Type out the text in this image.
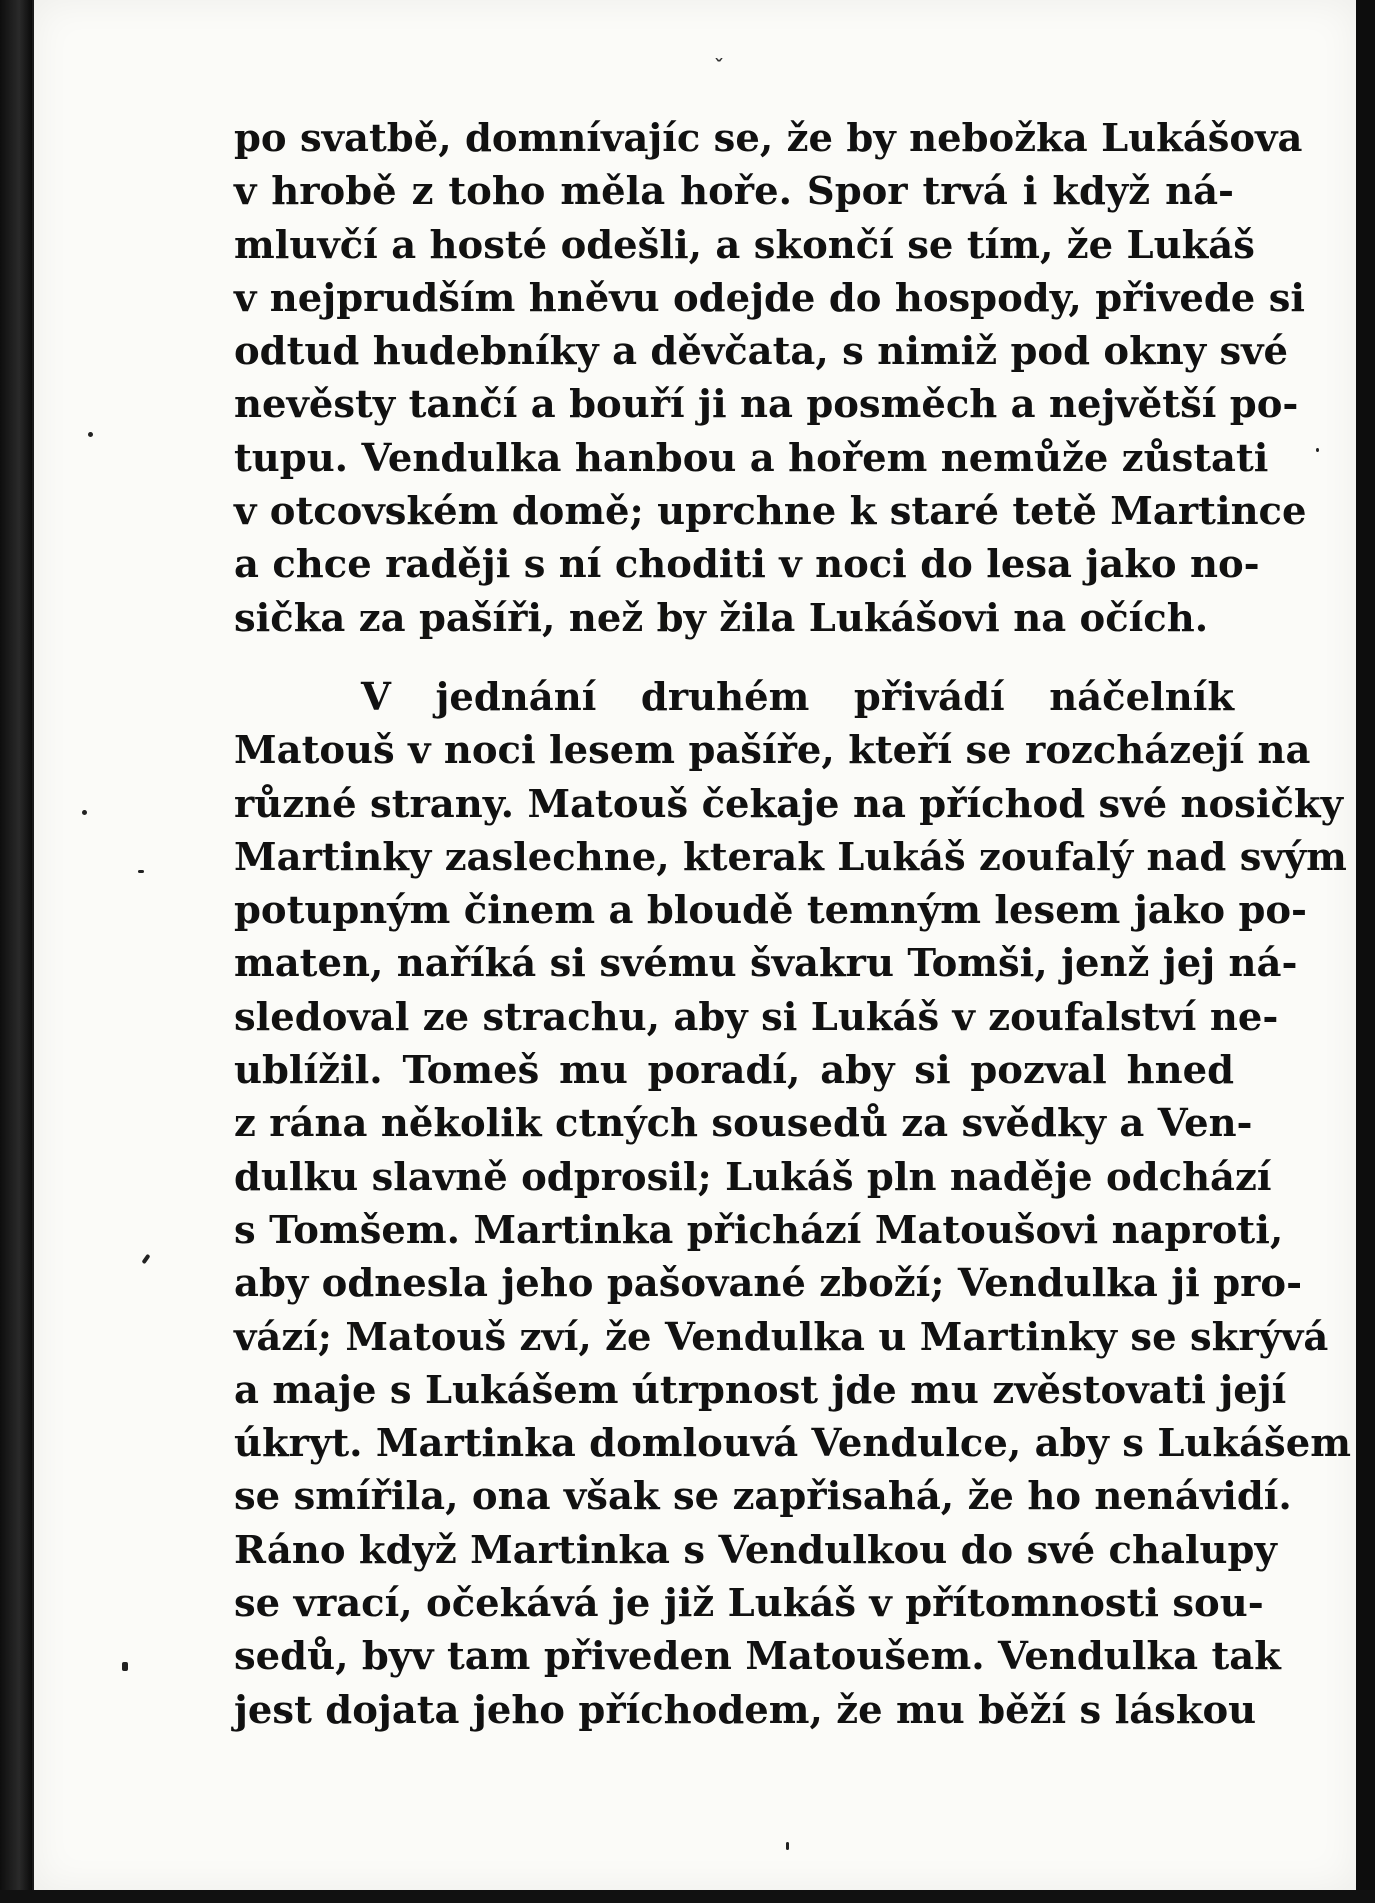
˯
po svatbě, domnívajíc se, že by nebožka Lukášova
v hrobě z toho měla hoře. Spor trvá i když ná-
mluvčí a hosté odešli, a skončí se tím, že Lukáš
v nejprudším hněvu odejde do hospody, přivede si
odtud hudebníky a děvčata, s nimiž pod okny své
nevěsty tančí a bouří ji na posměch a největší po-
tupu. Vendulka hanbou a hořem nemůže zůstati
v otcovském domě; uprchne k staré tetě Martince
a chce raději s ní choditi v noci do lesa jako no-
sička za pašíři, než by žila Lukášovi na očích.
V jednání druhém přivádí náčelník
Matouš v noci lesem pašíře, kteří se rozcházejí na
různé strany. Matouš čekaje na příchod své nosičky
Martinky zaslechne, kterak Lukáš zoufalý nad svým
potupným činem a bloudě temným lesem jako po-
maten, naříká si svému švakru Tomši, jenž jej ná-
sledoval ze strachu, aby si Lukáš v zoufalství ne-
ublížil. Tomeš mu poradí, aby si pozval hned
z rána několik ctných sousedů za svědky a Ven-
dulku slavně odprosil; Lukáš pln naděje odchází
s Tomšem. Martinka přichází Matoušovi naproti,
aby odnesla jeho pašované zboží; Vendulka ji pro-
vází; Matouš zví, že Vendulka u Martinky se skrývá
a maje s Lukášem útrpnost jde mu zvěstovati její
úkryt. Martinka domlouvá Vendulce, aby s Lukášem
se smířila, ona však se zapřisahá, že ho nenávidí.
Ráno když Martinka s Vendulkou do své chalupy
se vrací, očekává je již Lukáš v přítomnosti sou-
sedů, byv tam přiveden Matoušem. Vendulka tak
jest dojata jeho příchodem, že mu běží s láskou
